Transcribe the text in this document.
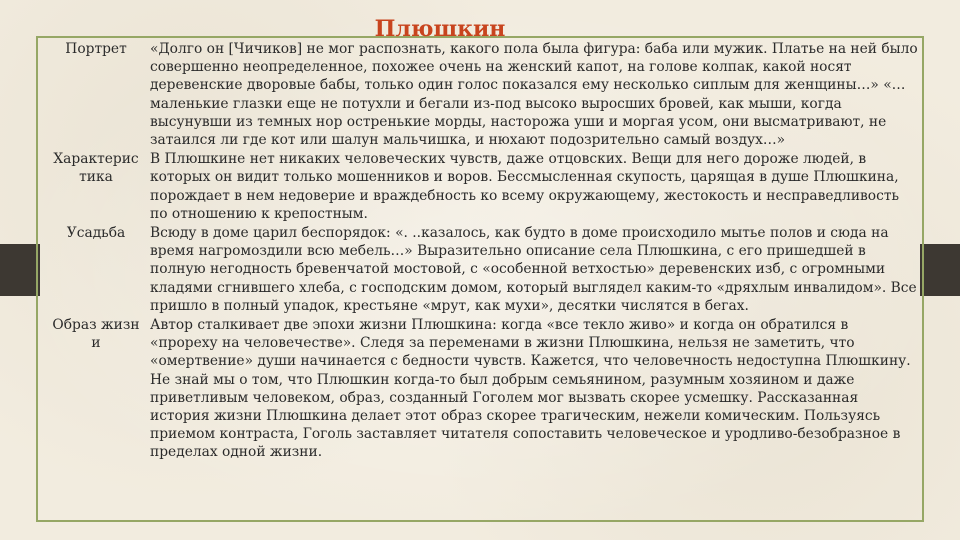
Плюшкин
Портрет	«Долго он [Чичиков] не мог распознать, какого пола была фигура: баба или мужик. Платье на ней было совершенно неопределенное, похожее очень на женский капот, на голове колпак, какой носят деревенские дворовые бабы, только один голос показался ему несколько сиплым для женщины…» «…маленькие глазки еще не потухли и бегали из-под высоко выросших бровей, как мыши, когда высунувши из темных нор остренькие морды, насторожа уши и моргая усом, они высматривают, не затаился ли где кот или шалун мальчишка, и нюхают подозрительно самый воздух…»
Характеристика
В Плюшкине нет никаких человеческих чувств, даже отцовских. Вещи для него дороже людей, в которых он видит только мошенников и воров. Бессмысленная скупость, царящая в душе Плюшкина, порождает в нем недоверие и враждебность ко всему окружающему, жестокость и несправедливость по отношению к крепостным.
Усадьба	Всюду в доме царил беспорядок: «. ..казалось, как будто в доме происходило мытье полов и сюда на время нагромоздили всю мебель…» Выразительно описание села Плюшкина, с его пришедшей в полную негодность бревенчатой мостовой, с «особенной ветхостью» деревенских изб, с огромными кладями сгнившего хлеба, с господским домом, который выглядел каким-то «дряхлым инвалидом». Все пришло в полный упадок, крестьяне «мрут, как мухи», десятки числятся в бегах.
Образ жизни
Автор сталкивает две эпохи жизни Плюшкина: когда «все текло живо» и когда он обратился в «прореху на человечестве». Следя за переменами в жизни Плюшкина, нельзя не заметить, что «омертвение» души начинается с бедности чувств. Кажется, что человечность недоступна Плюшкину. Не знай мы о том, что Плюшкин когда-то был добрым семьянином, разумным хозяином и даже приветливым человеком, образ, созданный Гоголем мог вызвать скорее усмешку. Рассказанная история жизни Плюшкина делает этот образ скорее трагическим, нежели комическим. Пользуясь приемом контраста, Гоголь заставляет читателя сопоставить человеческое и уродливо-безобразное в пределах одной жизни.
